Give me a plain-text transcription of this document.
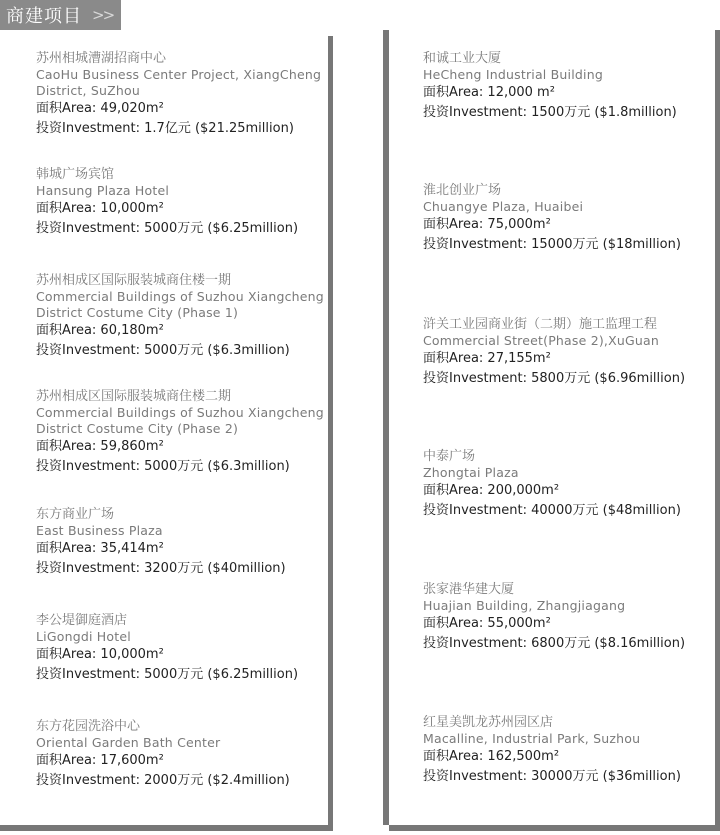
商建项目 >>
苏州相城漕湖招商中心
CaoHu Business Center Project, XiangCheng District, SuZhou
面积Area: 49,020m²
投资Investment: 1.7亿元 ($21.25million)
韩城广场宾馆
Hansung Plaza Hotel
面积Area: 10,000m²
投资Investment: 5000万元 ($6.25million)
苏州相成区国际服装城商住楼一期
Commercial Buildings of Suzhou Xiangcheng District Costume City (Phase 1)
面积Area: 60,180m²
投资Investment: 5000万元 ($6.3million)
苏州相成区国际服装城商住楼二期
Commercial Buildings of Suzhou Xiangcheng District Costume City (Phase 2)
面积Area: 59,860m²
投资Investment: 5000万元 ($6.3million)
东方商业广场
East Business Plaza
面积Area: 35,414m²
投资Investment: 3200万元 ($40million)
李公堤御庭酒店
LiGongdi Hotel
面积Area: 10,000m²
投资Investment: 5000万元 ($6.25million)
东方花园洗浴中心
Oriental Garden Bath Center
面积Area: 17,600m²
投资Investment: 2000万元 ($2.4million)
和诚工业大厦
HeCheng Industrial Building
面积Area: 12,000 m²
投资Investment: 1500万元 ($1.8million)
淮北创业广场
Chuangye Plaza, Huaibei
面积Area: 75,000m²
投资Investment: 15000万元 ($18million)
浒关工业园商业街（二期）施工监理工程
Commercial Street(Phase 2),XuGuan
面积Area: 27,155m²
投资Investment: 5800万元 ($6.96million)
中泰广场
Zhongtai Plaza
面积Area: 200,000m²
投资Investment: 40000万元 ($48million)
张家港华建大厦
Huajian Building, Zhangjiagang
面积Area: 55,000m²
投资Investment: 6800万元 ($8.16million)
红星美凯龙苏州园区店
Macalline, Industrial Park, Suzhou
面积Area: 162,500m²
投资Investment: 30000万元 ($36million)
